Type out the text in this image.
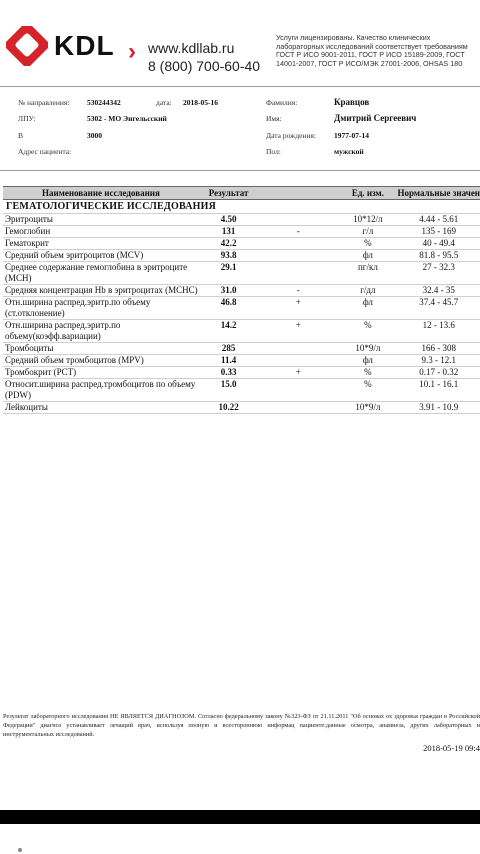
KDL › www.kdllab.ru
8 (800) 700-60-40
Услуги лицензированы. Качество клинических
лабораторных исследований соответствует требованиям
ГОСТ Р ИСО 9001-2011, ГОСТ Р ИСО 15189-2009, ГОСТ
14001-2007, ГОСТ Р ИСО/МЭК 27001-2006, OHSAS 180
№ направления: 530244342	дата: 2018-05-16
ЛПУ:	5302 - МО Энгельсский
В	3000
Адрес пациента:
Фамилия:	Кравцов
Имя:	Дмитрий Сергеевич
Дата рождения: 1977-07-14
Пол:	мужской
Наименование исследования	Результат		Ед. изм.	Нормальные значен
ГЕМАТОЛОГИЧЕСКИЕ ИССЛЕДОВАНИЯ				
Эритроциты	4.50		10*12/л	4.44 - 5.61
Гемоглобин	131	-	г/л	135 - 169
Гематокрит	42.2		%	40 - 49.4
Средний объем эритроцитов (MCV)	93.8		фл	81.8 - 95.5
Среднее содержание гемоглобина в эритроците (MCH)	29.1		пг/кл	27 - 32.3
Средняя концентрация Hb в эритроцитах (MCHC)	31.0	-	г/дл	32.4 - 35
Отн.ширина распред.эритр.по объему (ст.отклонение)	46.8	+	фл	37.4 - 45.7
Отн.ширина распред.эритр.по объему(коэфф.вариации)	14.2	+	%	12 - 13.6
Тромбоциты	285		10*9/л	166 - 308
Средний объем тромбоцитов (MPV)	11.4		фл	9.3 - 12.1
Тромбокрит (PCT)	0.33	+	%	0.17 - 0.32
Относит.ширина распред.тромбоцитов по объему (PDW)	15.0		%	10.1 - 16.1
Лейкоциты	10.22		10*9/л	3.91 - 10.9
Результат лабораторного исследования НЕ ЯВЛЯЕТСЯ ДИАГНОЗОМ. Согласно федеральному закону №323-ФЗ от 21.11.2011 "Об основах ох здоровья граждан в Российской Федерации" диагноз устанавливает лечащий врач, используя полную и всестороннюю информац пациенте:данные осмотра, анамнеза, других лабораторных и инструментальных исследований.
2018-05-19 09:4
